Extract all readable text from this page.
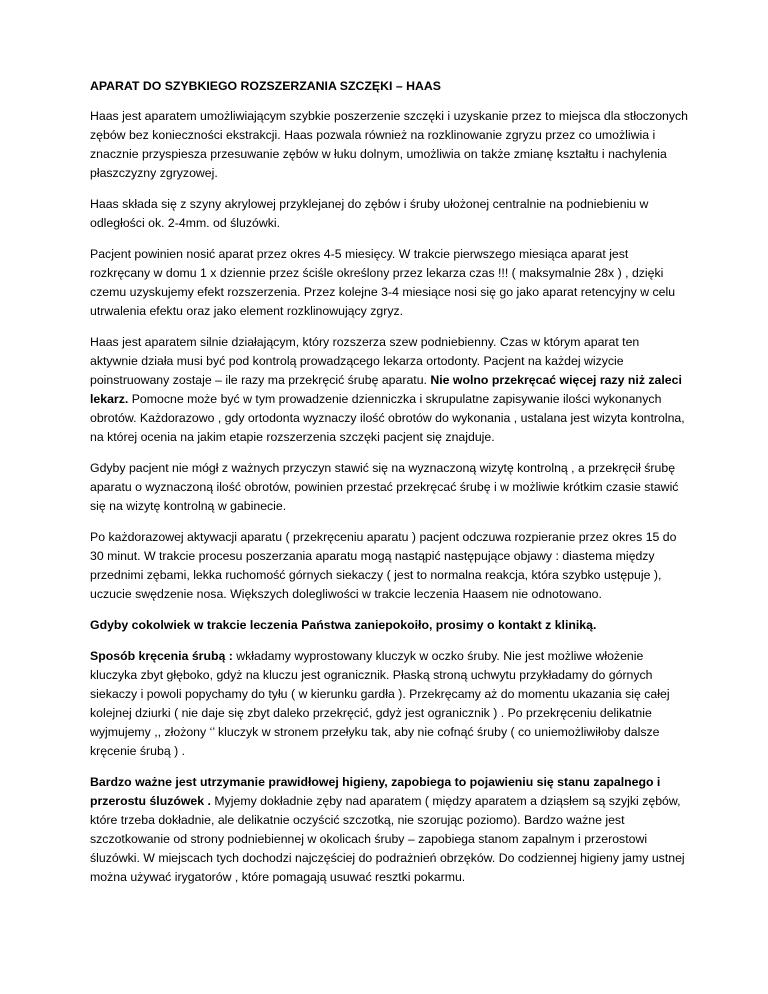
APARAT DO SZYBKIEGO ROZSZERZANIA SZCZĘKI – HAAS

Haas jest aparatem umożliwiającym szybkie poszerzenie szczęki i uzyskanie przez to miejsca dla stłoczonych zębów bez konieczności ekstrakcji. Haas pozwala również na rozklinowanie zgryzu przez co umożliwia i znacznie przyspiesza przesuwanie zębów w łuku dolnym, umożliwia on także zmianę kształtu i nachylenia płaszczyzny zgryzowej.

Haas składa się z szyny akrylowej przyklejanej do zębów i śruby ułożonej centralnie na podniebieniu w odległości ok. 2-4mm. od śluzówki.

Pacjent powinien nosić aparat przez okres 4-5 miesięcy. W trakcie pierwszego miesiąca aparat jest rozkręcany w domu 1 x dziennie przez ściśle określony przez lekarza czas !!! ( maksymalnie 28x ) , dzięki czemu uzyskujemy efekt rozszerzenia. Przez kolejne 3-4 miesiące nosi się go jako aparat retencyjny w celu utrwalenia efektu oraz jako element rozklinowujący zgryz.

Haas jest aparatem silnie działającym, który rozszerza szew podniebienny. Czas w którym aparat ten aktywnie działa musi być pod kontrolą prowadzącego lekarza ortodonty. Pacjent na każdej wizycie poinstruowany zostaje – ile razy ma przekręcić śrubę aparatu. Nie wolno przekręcać więcej razy niż zaleci lekarz. Pomocne może być w tym prowadzenie dzienniczka i skrupulatne zapisywanie ilości wykonanych obrotów. Każdorazowo , gdy ortodonta wyznaczy ilość obrotów do wykonania , ustalana jest wizyta kontrolna, na której ocenia na jakim etapie rozszerzenia szczęki pacjent się znajduje.

Gdyby pacjent nie mógł z ważnych przyczyn stawić się na wyznaczoną wizytę kontrolną , a przekręcił śrubę aparatu o wyznaczoną ilość obrotów, powinien przestać przekręcać śrubę i w możliwie krótkim czasie stawić się na wizytę kontrolną w gabinecie.

Po każdorazowej aktywacji aparatu ( przekręceniu aparatu ) pacjent odczuwa rozpieranie przez okres 15 do 30 minut. W trakcie procesu poszerzania aparatu mogą nastąpić następujące objawy : diastema między przednimi zębami, lekka ruchomość górnych siekaczy ( jest to normalna reakcja, która szybko ustępuje ), uczucie swędzenie nosa. Większych dolegliwości w trakcie leczenia Haasem nie odnotowano.

Gdyby cokolwiek w trakcie leczenia Państwa zaniepokoiło, prosimy o kontakt z kliniką.

Sposób kręcenia śrubą : wkładamy wyprostowany kluczyk w oczko śruby. Nie jest możliwe włożenie kluczyka zbyt głęboko, gdyż na kluczu jest ogranicznik. Płaską stroną uchwytu przykładamy do górnych siekaczy i powoli popychamy do tyłu ( w kierunku gardła ). Przekręcamy aż do momentu ukazania się całej kolejnej dziurki ( nie daje się zbyt daleko przekręcić, gdyż jest ogranicznik ) . Po przekręceniu delikatnie wyjmujemy ,, złożony ‘’ kluczyk w stronem przełyku tak, aby nie cofnąć śruby ( co uniemożliwiłoby dalsze kręcenie śrubą ) .

Bardzo ważne jest utrzymanie prawidłowej higieny, zapobiega to pojawieniu się stanu zapalnego i przerostu śluzówek . Myjemy dokładnie zęby nad aparatem ( między aparatem a dziąsłem są szyjki zębów, które trzeba dokładnie, ale delikatnie oczyścić szczotką, nie szorując poziomo). Bardzo ważne jest szczotkowanie od strony podniebiennej w okolicach śruby – zapobiega stanom zapalnym i przerostowi śluzówki. W miejscach tych dochodzi najczęściej do podrażnień obrzęków. Do codziennej higieny jamy ustnej można używać irygatorów , które pomagają usuwać resztki pokarmu.
